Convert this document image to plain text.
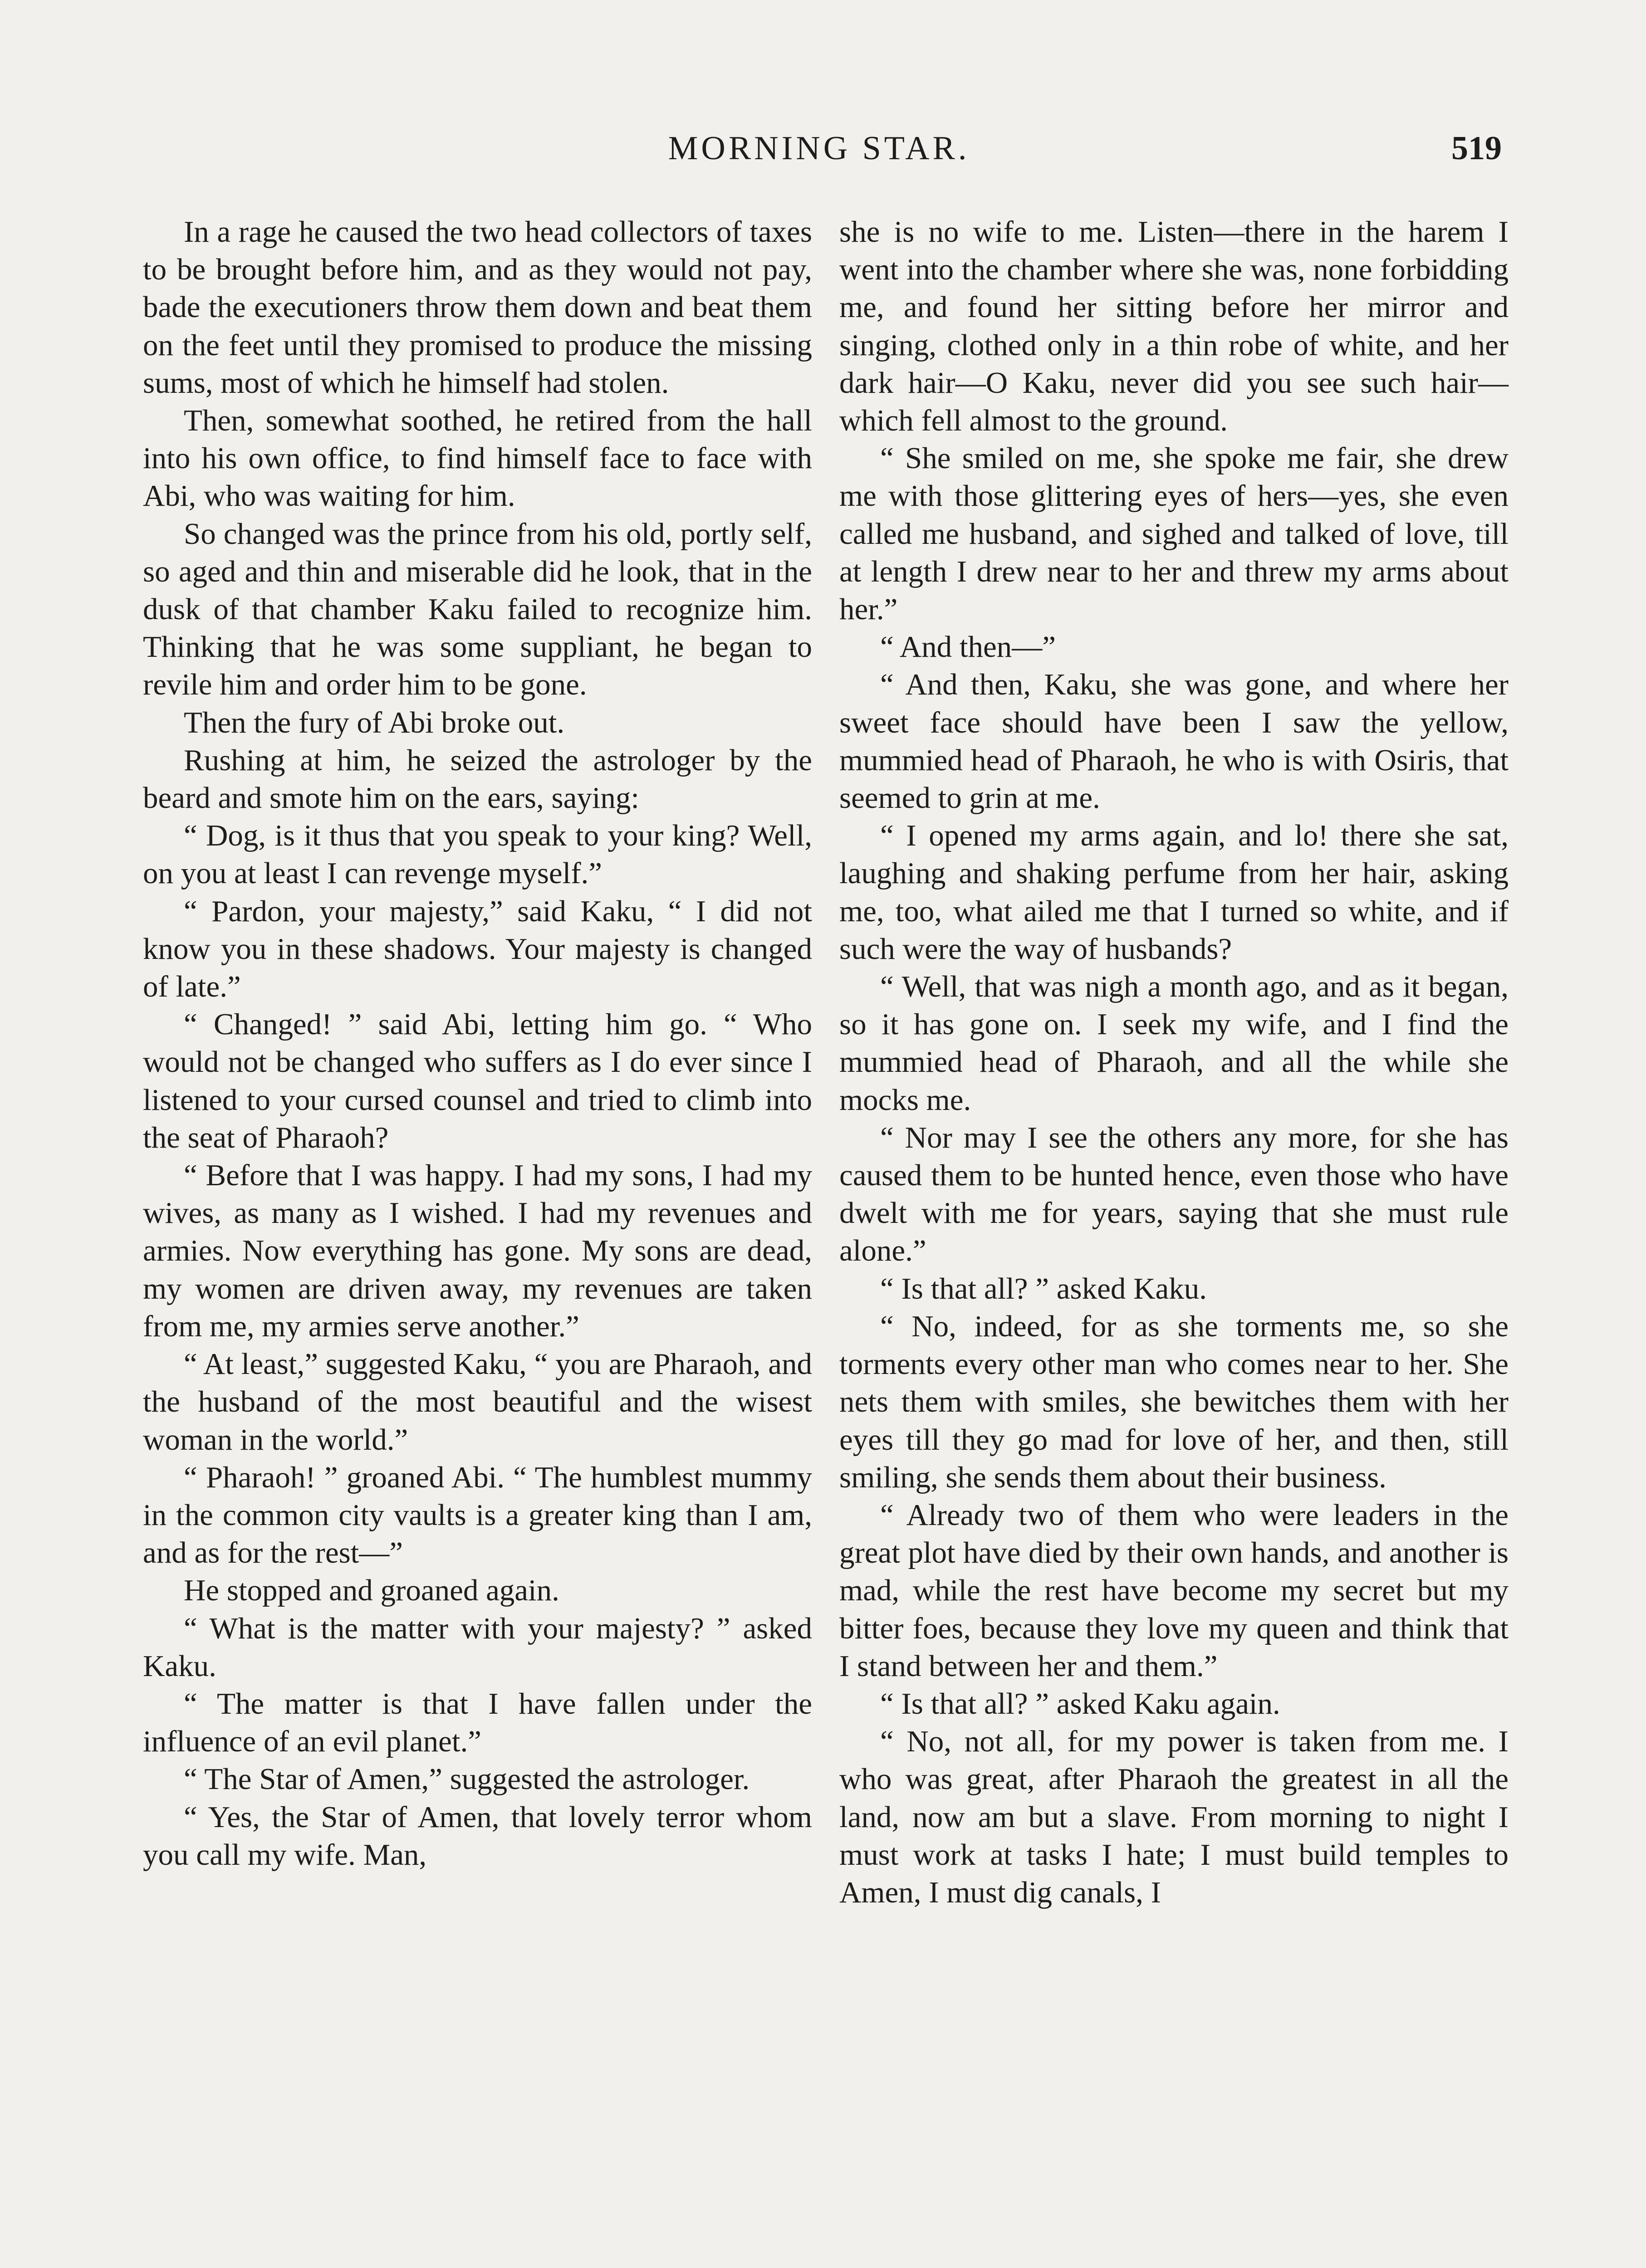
MORNING STAR.	519

In a rage he caused the two head collectors of taxes to be brought before him, and as they would not pay, bade the executioners throw them down and beat them on the feet until they promised to produce the missing sums, most of which he himself had stolen.

Then, somewhat soothed, he retired from the hall into his own office, to find himself face to face with Abi, who was waiting for him.

So changed was the prince from his old, portly self, so aged and thin and miserable did he look, that in the dusk of that chamber Kaku failed to recognize him. Thinking that he was some suppliant, he began to revile him and order him to be gone.

Then the fury of Abi broke out.

Rushing at him, he seized the astrologer by the beard and smote him on the ears, saying:

“ Dog, is it thus that you speak to your king? Well, on you at least I can revenge myself.”

“ Pardon, your majesty,” said Kaku, “ I did not know you in these shadows. Your majesty is changed of late.”

“ Changed! ” said Abi, letting him go. “ Who would not be changed who suffers as I do ever since I listened to your cursed counsel and tried to climb into the seat of Pharaoh?

“ Before that I was happy. I had my sons, I had my wives, as many as I wished. I had my revenues and armies. Now everything has gone. My sons are dead, my women are driven away, my revenues are taken from me, my armies serve another.”

“ At least,” suggested Kaku, “ you are Pharaoh, and the husband of the most beautiful and the wisest woman in the world.”

“ Pharaoh! ” groaned Abi. “ The humblest mummy in the common city vaults is a greater king than I am, and as for the rest—”

He stopped and groaned again.

“ What is the matter with your majesty? ” asked Kaku.

“ The matter is that I have fallen under the influence of an evil planet.”

“ The Star of Amen,” suggested the astrologer.

“ Yes, the Star of Amen, that lovely terror whom you call my wife. Man,

she is no wife to me. Listen—there in the harem I went into the chamber where she was, none forbidding me, and found her sitting before her mirror and singing, clothed only in a thin robe of white, and her dark hair—O Kaku, never did you see such hair—which fell almost to the ground.

“ She smiled on me, she spoke me fair, she drew me with those glittering eyes of hers—yes, she even called me husband, and sighed and talked of love, till at length I drew near to her and threw my arms about her.”

“ And then—”

“ And then, Kaku, she was gone, and where her sweet face should have been I saw the yellow, mummied head of Pharaoh, he who is with Osiris, that seemed to grin at me.

“ I opened my arms again, and lo! there she sat, laughing and shaking perfume from her hair, asking me, too, what ailed me that I turned so white, and if such were the way of husbands?

“ Well, that was nigh a month ago, and as it began, so it has gone on. I seek my wife, and I find the mummied head of Pharaoh, and all the while she mocks me.

“ Nor may I see the others any more, for she has caused them to be hunted hence, even those who have dwelt with me for years, saying that she must rule alone.”

“ Is that all? ” asked Kaku.

“ No, indeed, for as she torments me, so she torments every other man who comes near to her. She nets them with smiles, she bewitches them with her eyes till they go mad for love of her, and then, still smiling, she sends them about their business.

“ Already two of them who were leaders in the great plot have died by their own hands, and another is mad, while the rest have become my secret but my bitter foes, because they love my queen and think that I stand between her and them.”

“ Is that all? ” asked Kaku again.

“ No, not all, for my power is taken from me. I who was great, after Pharaoh the greatest in all the land, now am but a slave. From morning to night I must work at tasks I hate; I must build temples to Amen, I must dig canals, I
